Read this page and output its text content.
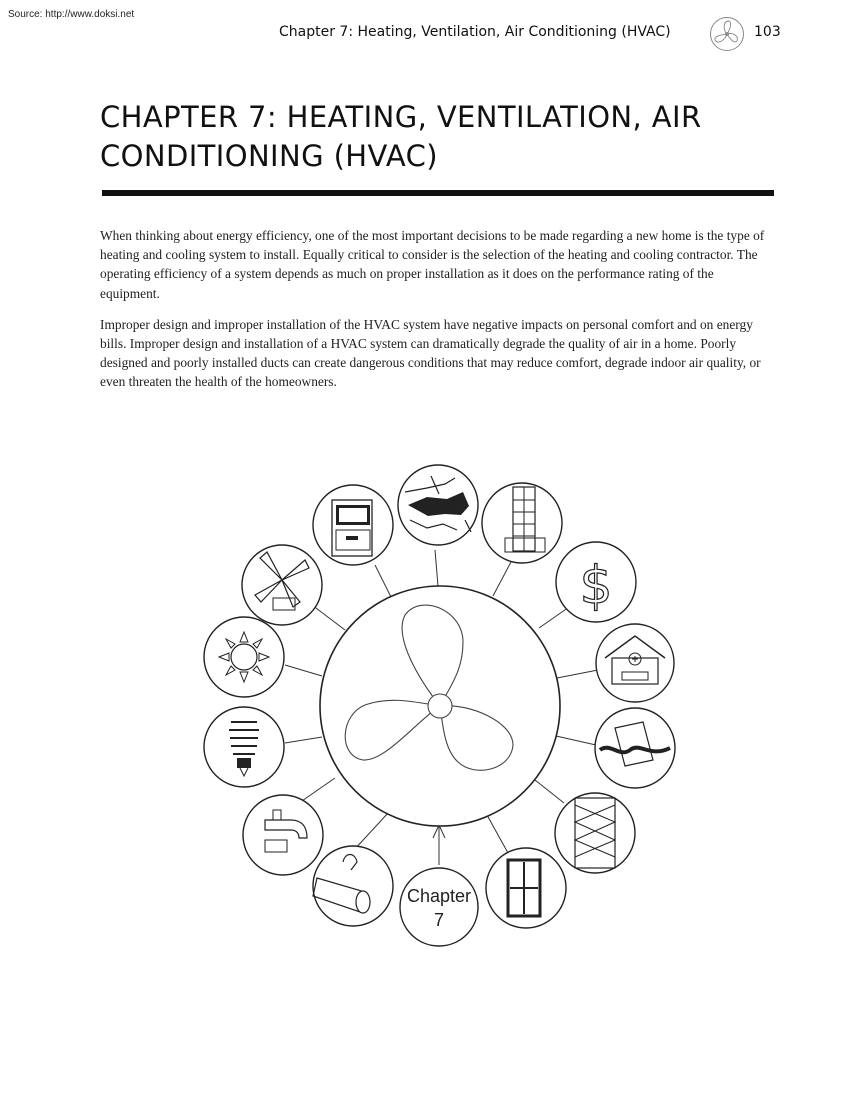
Source: http://www.doksi.net
Chapter 7: Heating, Ventilation, Air Conditioning (HVAC)	103
CHAPTER 7: HEATING, VENTILATION, AIR CONDITIONING (HVAC)

When thinking about energy efficiency, one of the most important decisions to be made regarding a new home is the type of heating and cooling system to install. Equally critical to consider is the selection of the heating and cooling contractor. The operating efficiency of a system depends as much on proper installation as it does on the performance rating of the equipment.

Improper design and improper installation of the HVAC system have negative impacts on personal comfort and on energy bills. Improper design and installation of a HVAC system can dramatically degrade the quality of air in a home. Poorly designed and poorly installed ducts can create dangerous conditions that may reduce comfort, degrade indoor air quality, or even threaten the health of the homeowners.

$
Chapter
7
